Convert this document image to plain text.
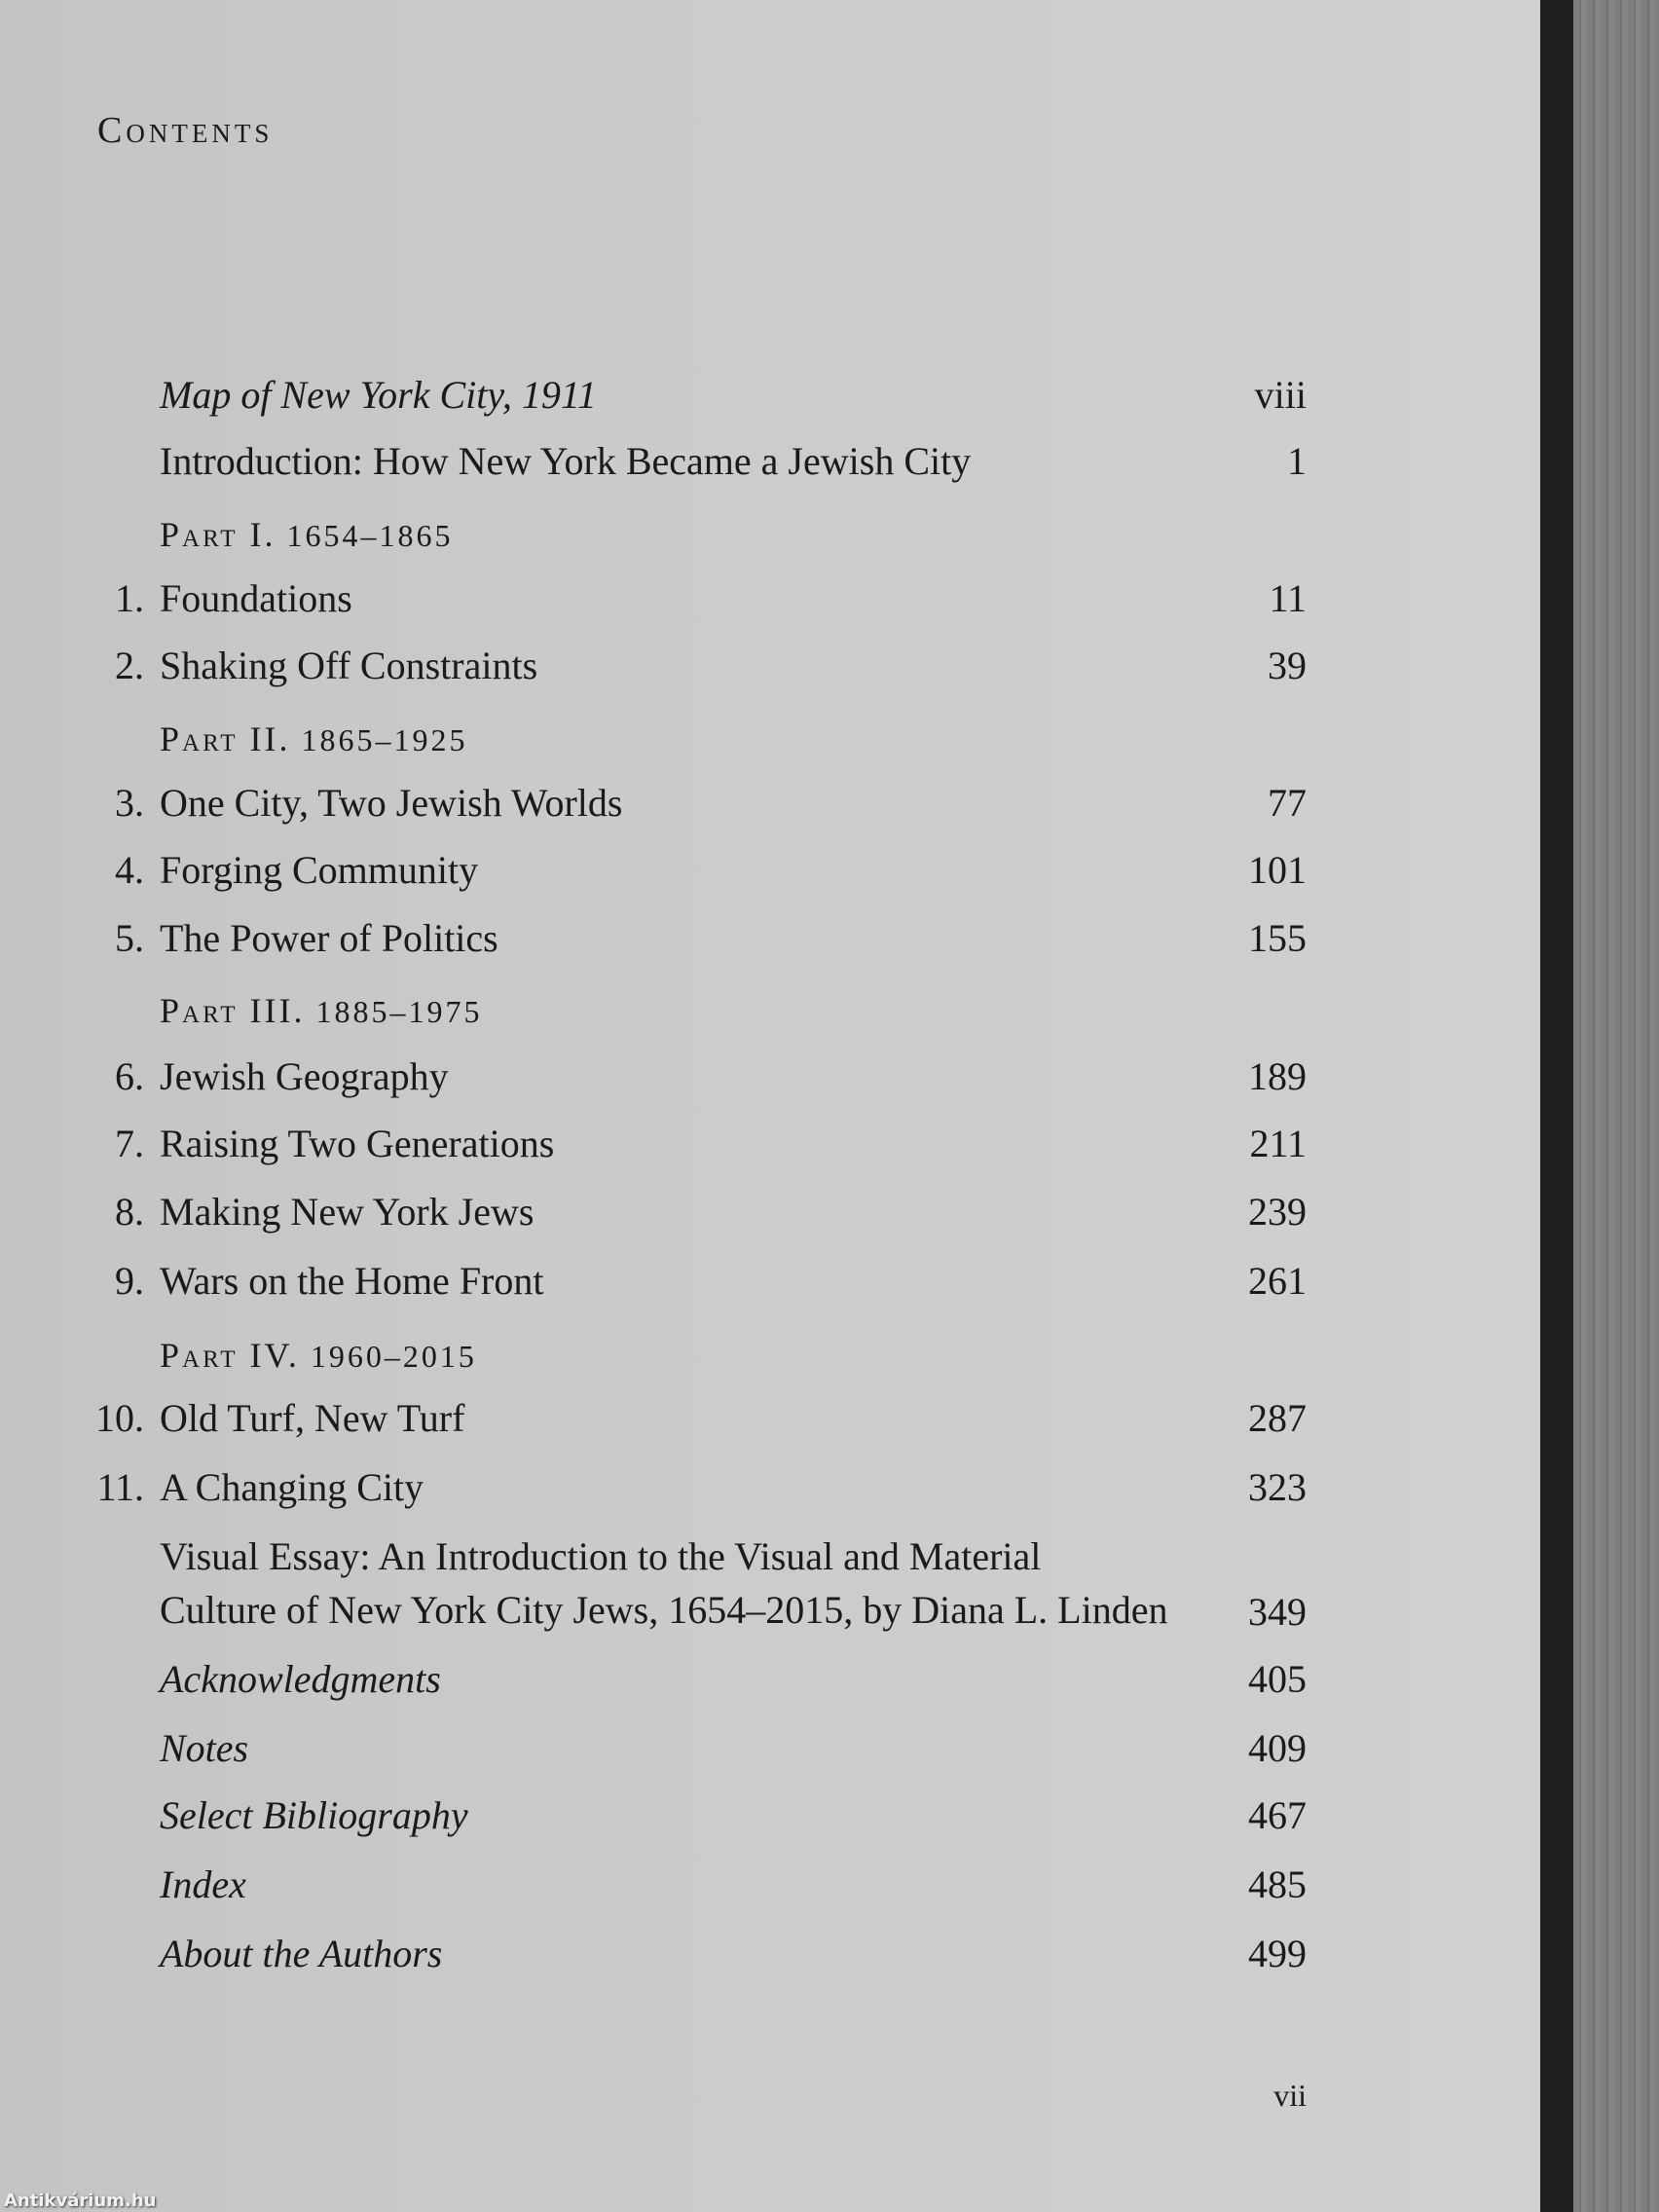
Contents
Map of New York City, 1911	viii
Introduction: How New York Became a Jewish City	1
Part I. 1654–1865
1. Foundations	11
2. Shaking Off Constraints	39
Part II. 1865–1925
3. One City, Two Jewish Worlds	77
4. Forging Community	101
5. The Power of Politics	155
Part III. 1885–1975
6. Jewish Geography	189
7. Raising Two Generations	211
8. Making New York Jews	239
9. Wars on the Home Front	261
Part IV. 1960–2015
10. Old Turf, New Turf	287
11. A Changing City	323
Visual Essay: An Introduction to the Visual and Material
Culture of New York City Jews, 1654–2015, by Diana L. Linden 349
Acknowledgments	405
Notes	409
Select Bibliography	467
Index	485
About the Authors	499
vii
Antikvárium.hu
